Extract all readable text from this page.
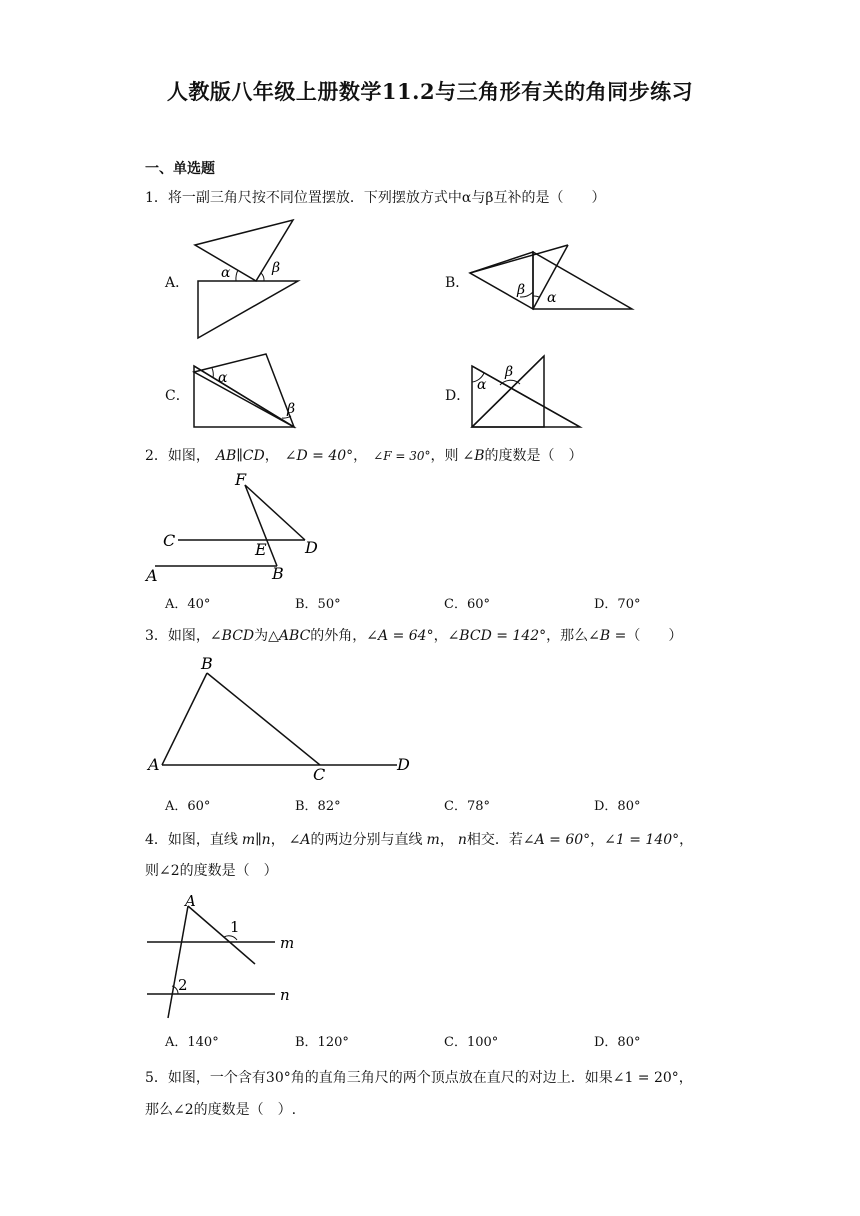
人教版八年级上册数学11.2与三角形有关的角同步练习
一、单选题
1．将一副三角尺按不同位置摆放．下列摆放方式中α与β互补的是（　　）
A．
α	β
B．	β α
C．
α
β
D．
α
β
2．如图， AB∥CD， ∠D = 40°， ∠F = 30°，则 ∠B的度数是（　）
F
C	E D
A	B
A．40°	B．50°	C．60°	D．70°
3．如图，∠BCD为△ABC的外角，∠A = 64°，∠BCD = 142°，那么∠B =（　　）
B
A
C
D
A．60°	B．82°	C．78°	D．80°
4．如图，直线 m∥n， ∠A的两边分别与直线 m， n相交．若∠A = 60°，∠1 = 140°，
则∠2的度数是（　）
A
1
2
m
n
A．140°	B．120°	C．100°	D．80°
5．如图，一个含有30°角的直角三角尺的两个顶点放在直尺的对边上．如果∠1 = 20°，
那么∠2的度数是（　）.
